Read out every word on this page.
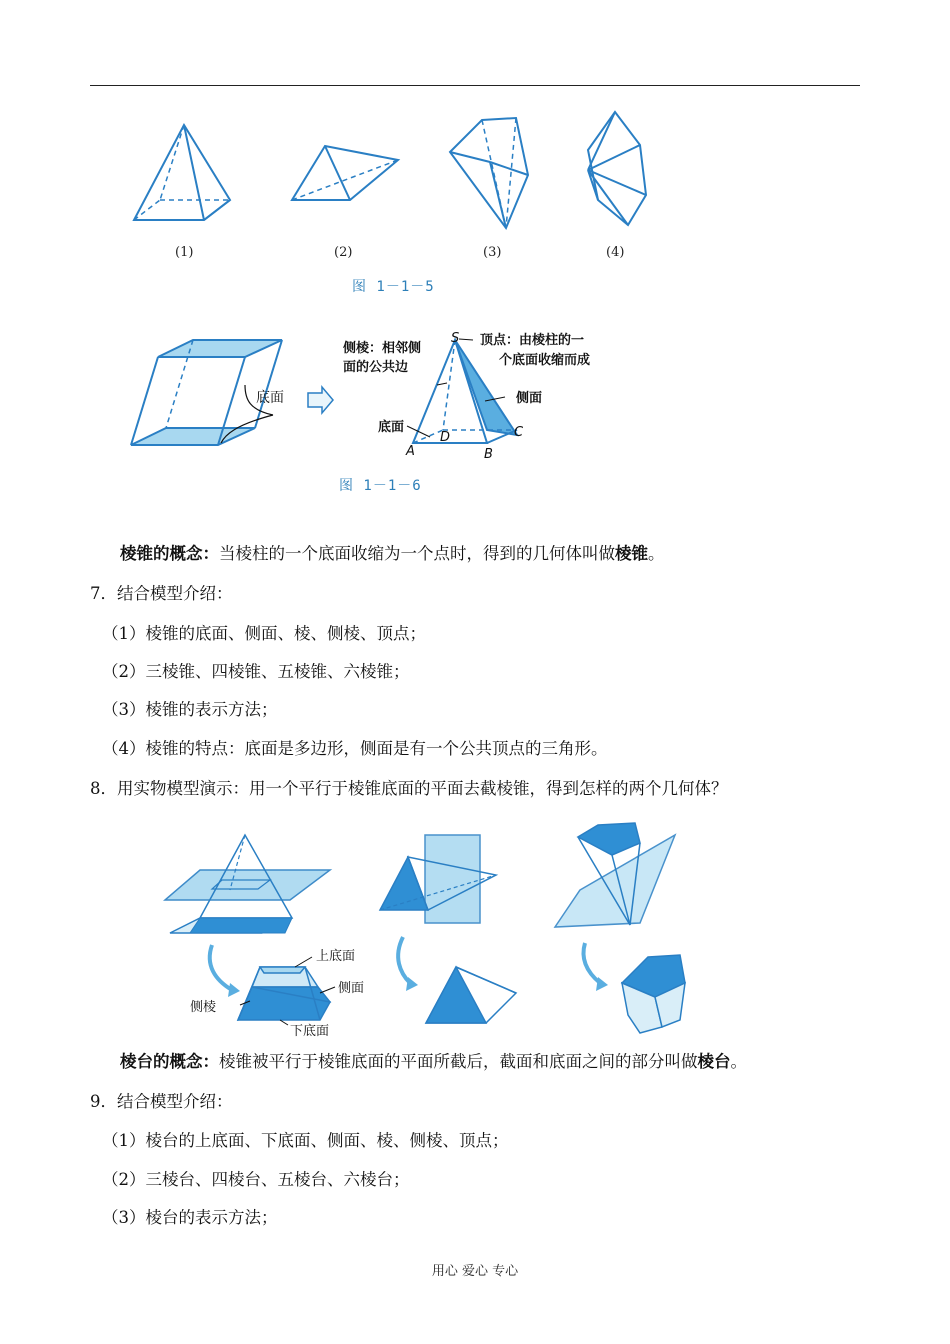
(1)	(2)	(3)	(4)
图 1－1－5
底面
侧棱：相邻侧
面的公共边
顶点：由棱柱的一
个底面收缩而成
侧面
底面
S
A	B
C
D
图 1－1－6
棱锥的概念：当棱柱的一个底面收缩为一个点时，得到的几何体叫做棱锥。
7．结合模型介绍：
（1）棱锥的底面、侧面、棱、侧棱、顶点；
（2）三棱锥、四棱锥、五棱锥、六棱锥；
（3）棱锥的表示方法；
（4）棱锥的特点：底面是多边形，侧面是有一个公共顶点的三角形。
8．用实物模型演示：用一个平行于棱锥底面的平面去截棱锥，得到怎样的两个几何体？
上底面
侧面
侧棱
下底面
棱台的概念：棱锥被平行于棱锥底面的平面所截后，截面和底面之间的部分叫做棱台。
9．结合模型介绍：
（1）棱台的上底面、下底面、侧面、棱、侧棱、顶点；
（2）三棱台、四棱台、五棱台、六棱台；
（3）棱台的表示方法；
用心 爱心 专心
